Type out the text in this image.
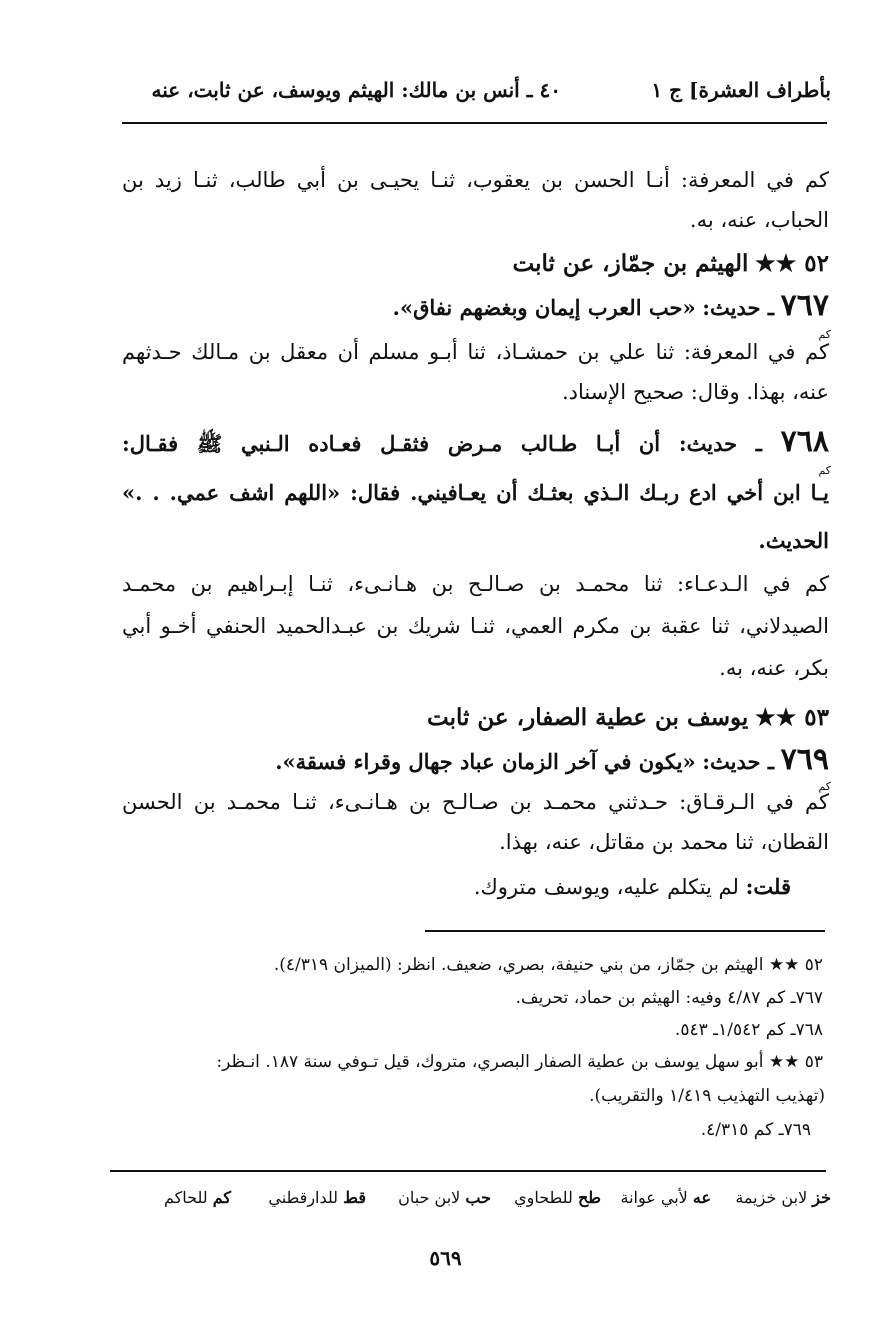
بأطراف العشرة] ج ١
٤٠ ـ أنس بن مالك: الهيثم ويوسف، عن ثابت، عنه
كم في المعرفة: أنـا الحسن بن يعقوب، ثنـا يحيـى بن أبي طالب، ثنـا زيد بن
الحباب، عنه، به.
٥٢ ★★ الهيثم بن جمّاز، عن ثابت
٧٦٧ ـ حديث: «حب العرب إيمان وبغضهم نفاق».
كم
كم في المعرفة: ثنا علي بن حمشـاذ، ثنا أبـو مسلم أن معقل بن مـالك حـدثهم
عنه، بهذا. وقال: صحيح الإسناد.
٧٦٨ ـ حديث: أن أبـا طـالب مـرض فثقـل فعـاده الـنبي ﷺ فقـال:
كم
يـا ابن أخي ادع ربـك الـذي بعثـك أن يعـافيني. فقال: «اللهم اشف عمي. . .»
الحديث.
كم في الـدعـاء: ثنا محمـد بن صـالـح بن هـانـىء، ثنـا إبـراهيم بن محمـد
الصيدلاني، ثنا عقبة بن مكرم العمي، ثنـا شريك بن عبـدالحميد الحنفي أخـو أبي
بكر، عنه، به.
٥٣ ★★ يوسف بن عطية الصفار، عن ثابت
٧٦٩ ـ حديث: «يكون في آخر الزمان عباد جهال وقراء فسقة».
كم
كم في الـرقـاق: حـدثني محمـد بن صـالـح بن هـانـىء، ثنـا محمـد بن الحسن
القطان، ثنا محمد بن مقاتل، عنه، بهذا.
قلت: لم يتكلم عليه، ويوسف متروك.
٥٢ ★★ الهيثم بن جمّاز، من بني حنيفة، بصري، ضعيف. انظر: (الميزان ٤/٣١٩).
٧٦٧ـ كم ٤/٨٧ وفيه: الهيثم بن حماد، تحريف.
٧٦٨ـ كم ١/٥٤٢ـ ٥٤٣.
٥٣ ★★ أبو سهل يوسف بن عطية الصفار البصري، متروك، قيل تـوفي سنة ١٨٧. انـظر:
(تهذيب التهذيب ١/٤١٩ والتقريب).
٧٦٩ـ كم ٤/٣١٥.
خز لابن خزيمة
عه لأبي عوانة
طح للطحاوي
حب لابن حبان
قط للدارقطني
كم للحاكم
٥٦٩
